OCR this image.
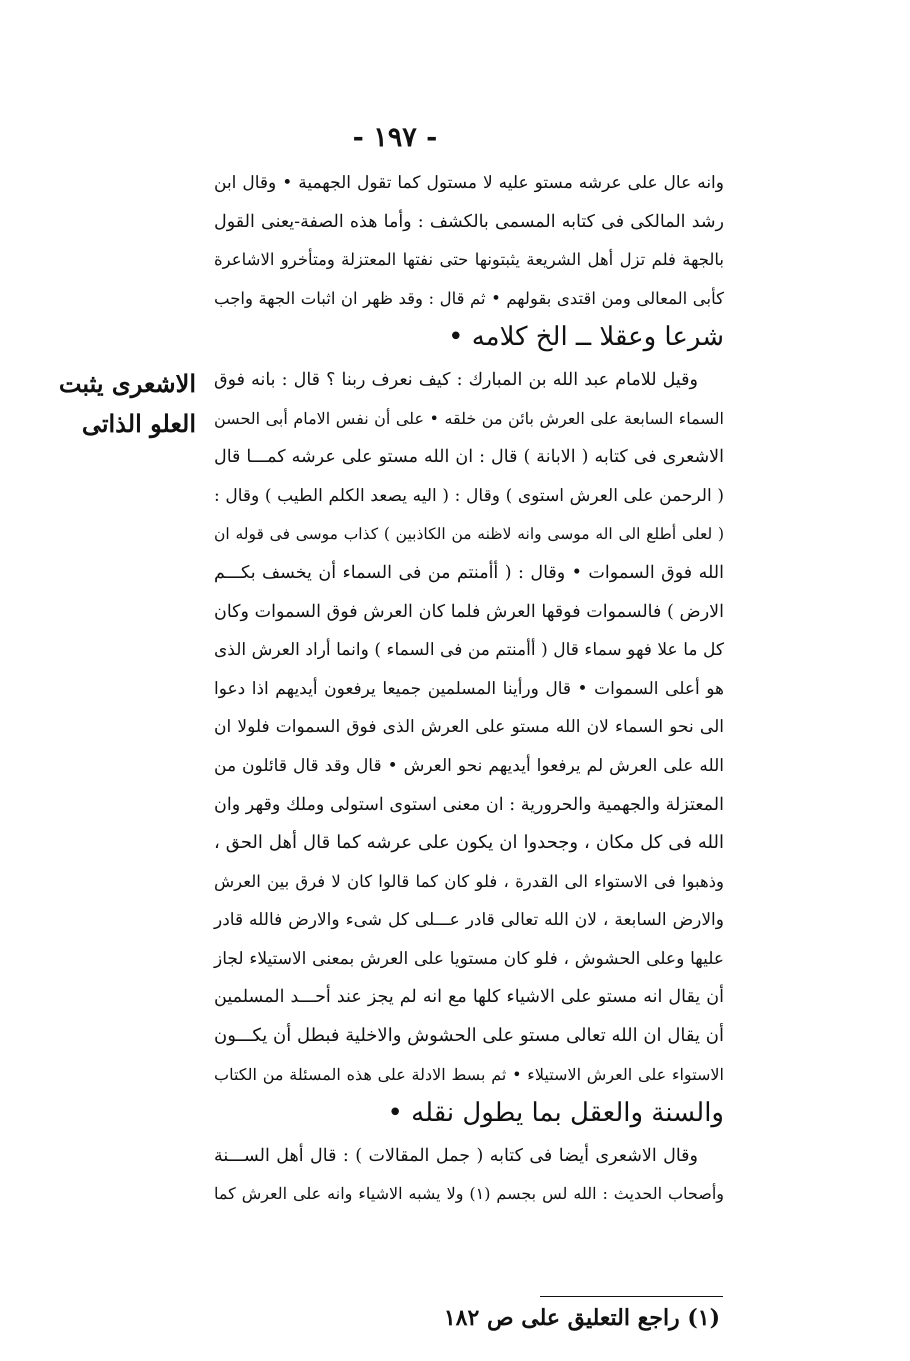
- ١٩٧ -
الاشعرى يثبت
العلو الذاتى
وانه عال على عرشه مستو عليه لا مستول كما تقول الجهمية • وقال ابن
رشد المالكى فى كتابه المسمى بالكشف : وأما هذه الصفة-يعنى القول
بالجهة فلم تزل أهل الشريعة يثبتونها حتى نفتها المعتزلة ومتأخرو الاشاعرة
كأبى المعالى ومن اقتدى بقولهم • ثم قال : وقد ظهر ان اثبات الجهة واجب
شرعا وعقلا ــ الخ كلامه •
وقيل للامام عبد الله بن المبارك : كيف نعرف ربنا ؟ قال : بانه فوق
السماء السابعة على العرش بائن من خلقه • على أن نفس الامام أبى الحسن
الاشعرى فى كتابه ( الابانة ) قال : ان الله مستو على عرشه كمـــا قال
( الرحمن على العرش استوى ) وقال : ( اليه يصعد الكلم الطيب ) وقال :
( لعلى أطلع الى اله موسى وانه لاظنه من الكاذبين ) كذاب موسى فى قوله ان
الله فوق السموات • وقال : ( أأمنتم من فى السماء أن يخسف بكـــم
الارض ) فالسموات فوقها العرش فلما كان العرش فوق السموات وكان
كل ما علا فهو سماء قال ( أأمنتم من فى السماء ) وانما أراد العرش الذى
هو أعلى السموات • قال ورأينا المسلمين جميعا يرفعون أيديهم اذا دعوا
الى نحو السماء لان الله مستو على العرش الذى فوق السموات فلولا ان
الله على العرش لم يرفعوا أيديهم نحو العرش • قال وقد قال قائلون من
المعتزلة والجهمية والحرورية : ان معنى استوى استولى وملك وقهر وان
الله فى كل مكان ، وجحدوا ان يكون على عرشه كما قال أهل الحق ،
وذهبوا فى الاستواء الى القدرة ، فلو كان كما قالوا كان لا فرق بين العرش
والارض السابعة ، لان الله تعالى قادر عـــلى كل شىء والارض فالله قادر
عليها وعلى الحشوش ، فلو كان مستويا على العرش بمعنى الاستيلاء لجاز
أن يقال انه مستو على الاشياء كلها مع انه لم يجز عند أحـــد المسلمين
أن يقال ان الله تعالى مستو على الحشوش والاخلية فبطل أن يكـــون
الاستواء على العرش الاستيلاء • ثم بسط الادلة على هذه المسئلة من الكتاب
والسنة والعقل بما يطول نقله •
وقال الاشعرى أيضا فى كتابه ( جمل المقالات ) : قال أهل الســـنة
وأصحاب الحديث : الله لس بجسم (١) ولا يشبه الاشياء وانه على العرش كما
(١) راجع التعليق على ص ١٨٢
